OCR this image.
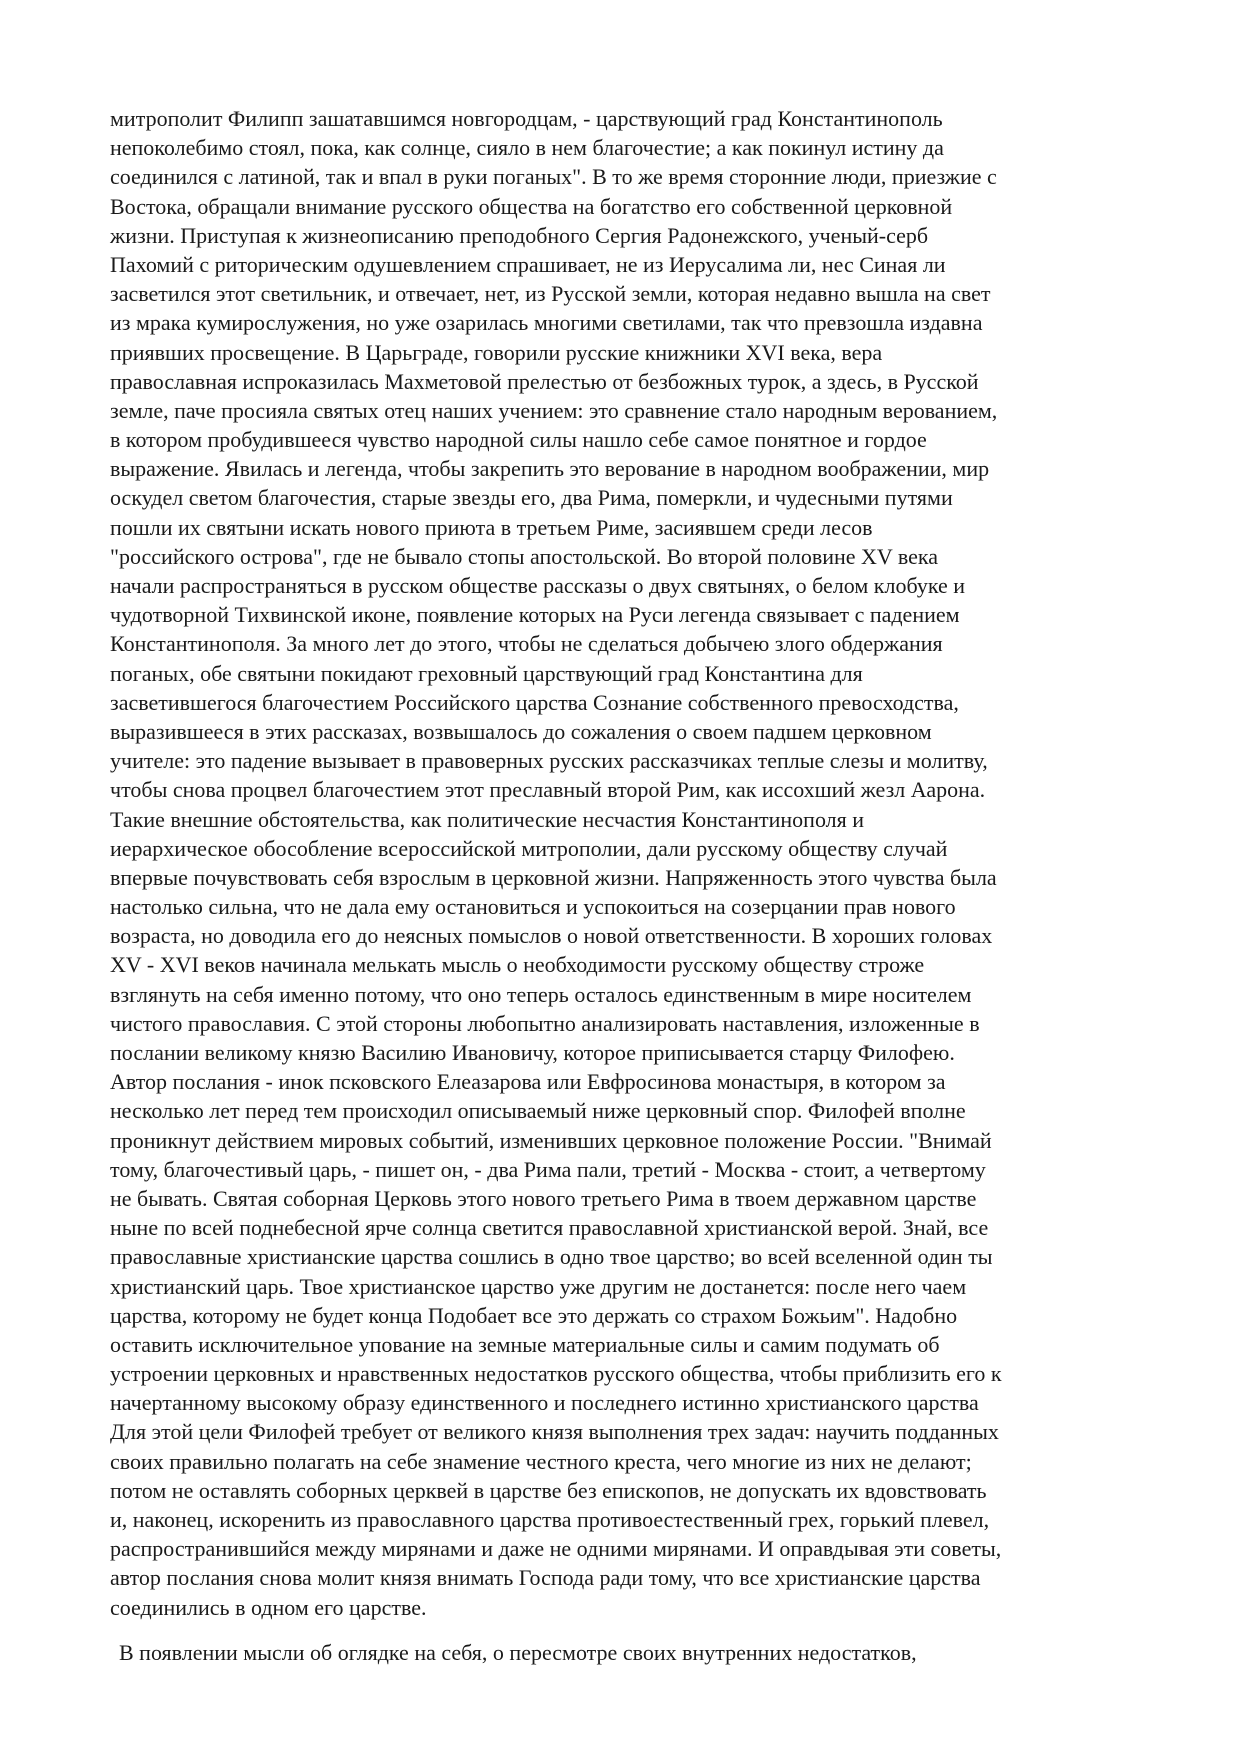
митрополит Филипп зашатавшимся новгородцам, - царствующий град Константинополь
непоколебимо стоял, пока, как солнце, сияло в нем благочестие; а как покинул истину да
соединился с латиной, так и впал в руки поганых". В то же время сторонние люди, приезжие с
Востока, обращали внимание русского общества на богатство его собственной церковной
жизни. Приступая к жизнеописанию преподобного Сергия Радонежского, ученый-серб
Пахомий с риторическим одушевлением спрашивает, не из Иерусалима ли, нес Синая ли
засветился этот светильник, и отвечает, нет, из Русской земли, которая недавно вышла на свет
из мрака кумирослужения, но уже озарилась многими светилами, так что превзошла издавна
приявших просвещение. В Царьграде, говорили русские книжники XVI века, вера
православная испроказилась Махметовой прелестью от безбожных турок, а здесь, в Русской
земле, паче просияла святых отец наших учением: это сравнение стало народным верованием,
в котором пробудившееся чувство народной силы нашло себе самое понятное и гордое
выражение. Явилась и легенда, чтобы закрепить это верование в народном воображении, мир
оскудел светом благочестия, старые звезды его, два Рима, померкли, и чудесными путями
пошли их святыни искать нового приюта в третьем Риме, засиявшем среди лесов
"российского острова", где не бывало стопы апостольской. Во второй половине XV века
начали распространяться в русском обществе рассказы о двух святынях, о белом клобуке и
чудотворной Тихвинской иконе, появление которых на Руси легенда связывает с падением
Константинополя. За много лет до этого, чтобы не сделаться добычею злого обдержания
поганых, обе святыни покидают греховный царствующий град Константина для
засветившегося благочестием Российского царства Сознание собственного превосходства,
выразившееся в этих рассказах, возвышалось до сожаления о своем падшем церковном
учителе: это падение вызывает в правоверных русских рассказчиках теплые слезы и молитву,
чтобы снова процвел благочестием этот преславный второй Рим, как иссохший жезл Аарона.
Такие внешние обстоятельства, как политические несчастия Константинополя и
иерархическое обособление всероссийской митрополии, дали русскому обществу случай
впервые почувствовать себя взрослым в церковной жизни. Напряженность этого чувства была
настолько сильна, что не дала ему остановиться и успокоиться на созерцании прав нового
возраста, но доводила его до неясных помыслов о новой ответственности. В хороших головах
XV - XVI веков начинала мелькать мысль о необходимости русскому обществу строже
взглянуть на себя именно потому, что оно теперь осталось единственным в мире носителем
чистого православия. С этой стороны любопытно анализировать наставления, изложенные в
послании великому князю Василию Ивановичу, которое приписывается старцу Филофею.
Автор послания - инок псковского Елеазарова или Евфросинова монастыря, в котором за
несколько лет перед тем происходил описываемый ниже церковный спор. Филофей вполне
проникнут действием мировых событий, изменивших церковное положение России. "Внимай
тому, благочестивый царь, - пишет он, - два Рима пали, третий - Москва - стоит, а четвертому
не бывать. Святая соборная Церковь этого нового третьего Рима в твоем державном царстве
ныне по всей поднебесной ярче солнца светится православной христианской верой. Знай, все
православные христианские царства сошлись в одно твое царство; во всей вселенной один ты
христианский царь. Твое христианское царство уже другим не достанется: после него чаем
царства, которому не будет конца Подобает все это держать со страхом Божьим". Надобно
оставить исключительное упование на земные материальные силы и самим подумать об
устроении церковных и нравственных недостатков русского общества, чтобы приблизить его к
начертанному высокому образу единственного и последнего истинно христианского царства
Для этой цели Филофей требует от великого князя выполнения трех задач: научить подданных
своих правильно полагать на себе знамение честного креста, чего многие из них не делают;
потом не оставлять соборных церквей в царстве без епископов, не допускать их вдовствовать
и, наконец, искоренить из православного царства противоестественный грех, горький плевел,
распространившийся между мирянами и даже не одними мирянами. И оправдывая эти советы,
автор послания снова молит князя внимать Господа ради тому, что все христианские царства
соединились в одном его царстве.
В появлении мысли об оглядке на себя, о пересмотре своих внутренних недостатков,
